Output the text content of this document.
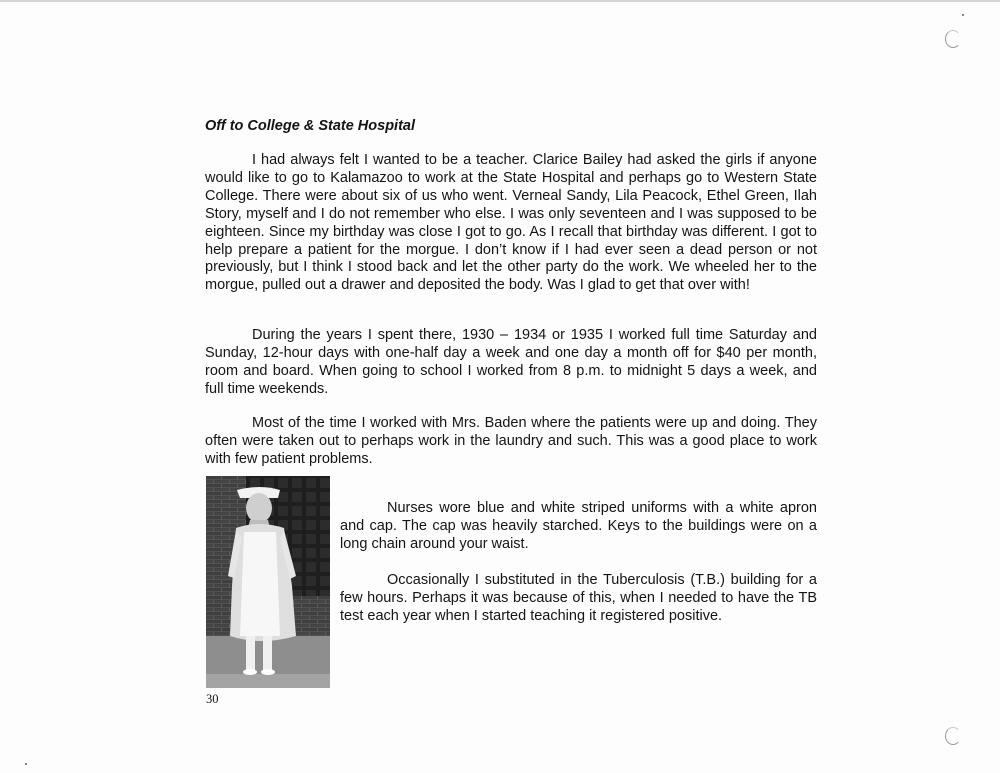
Off to College & State Hospital

I had always felt I wanted to be a teacher. Clarice Bailey had asked the girls if anyone would like to go to Kalamazoo to work at the State Hospital and perhaps go to Western State College. There were about six of us who went. Verneal Sandy, Lila Peacock, Ethel Green, Ilah Story, myself and I do not remember who else. I was only seventeen and I was supposed to be eighteen. Since my birthday was close I got to go. As I recall that birthday was different. I got to help prepare a patient for the morgue. I don’t know if I had ever seen a dead person or not previously, but I think I stood back and let the other party do the work. We wheeled her to the morgue, pulled out a drawer and deposited the body. Was I glad to get that over with!

During the years I spent there, 1930 – 1934 or 1935 I worked full time Saturday and Sunday, 12-hour days with one-half day a week and one day a month off for $40 per month, room and board. When going to school I worked from 8 p.m. to midnight 5 days a week, and full time weekends.

Most of the time I worked with Mrs. Baden where the patients were up and doing. They often were taken out to perhaps work in the laundry and such. This was a good place to work with few patient problems.

Nurses wore blue and white striped uniforms with a white apron and cap. The cap was heavily starched. Keys to the buildings were on a long chain around your waist.

Occasionally I substituted in the Tuberculosis (T.B.) building for a few hours. Perhaps it was because of this, when I needed to have the TB test each year when I started teaching it registered positive.

30
